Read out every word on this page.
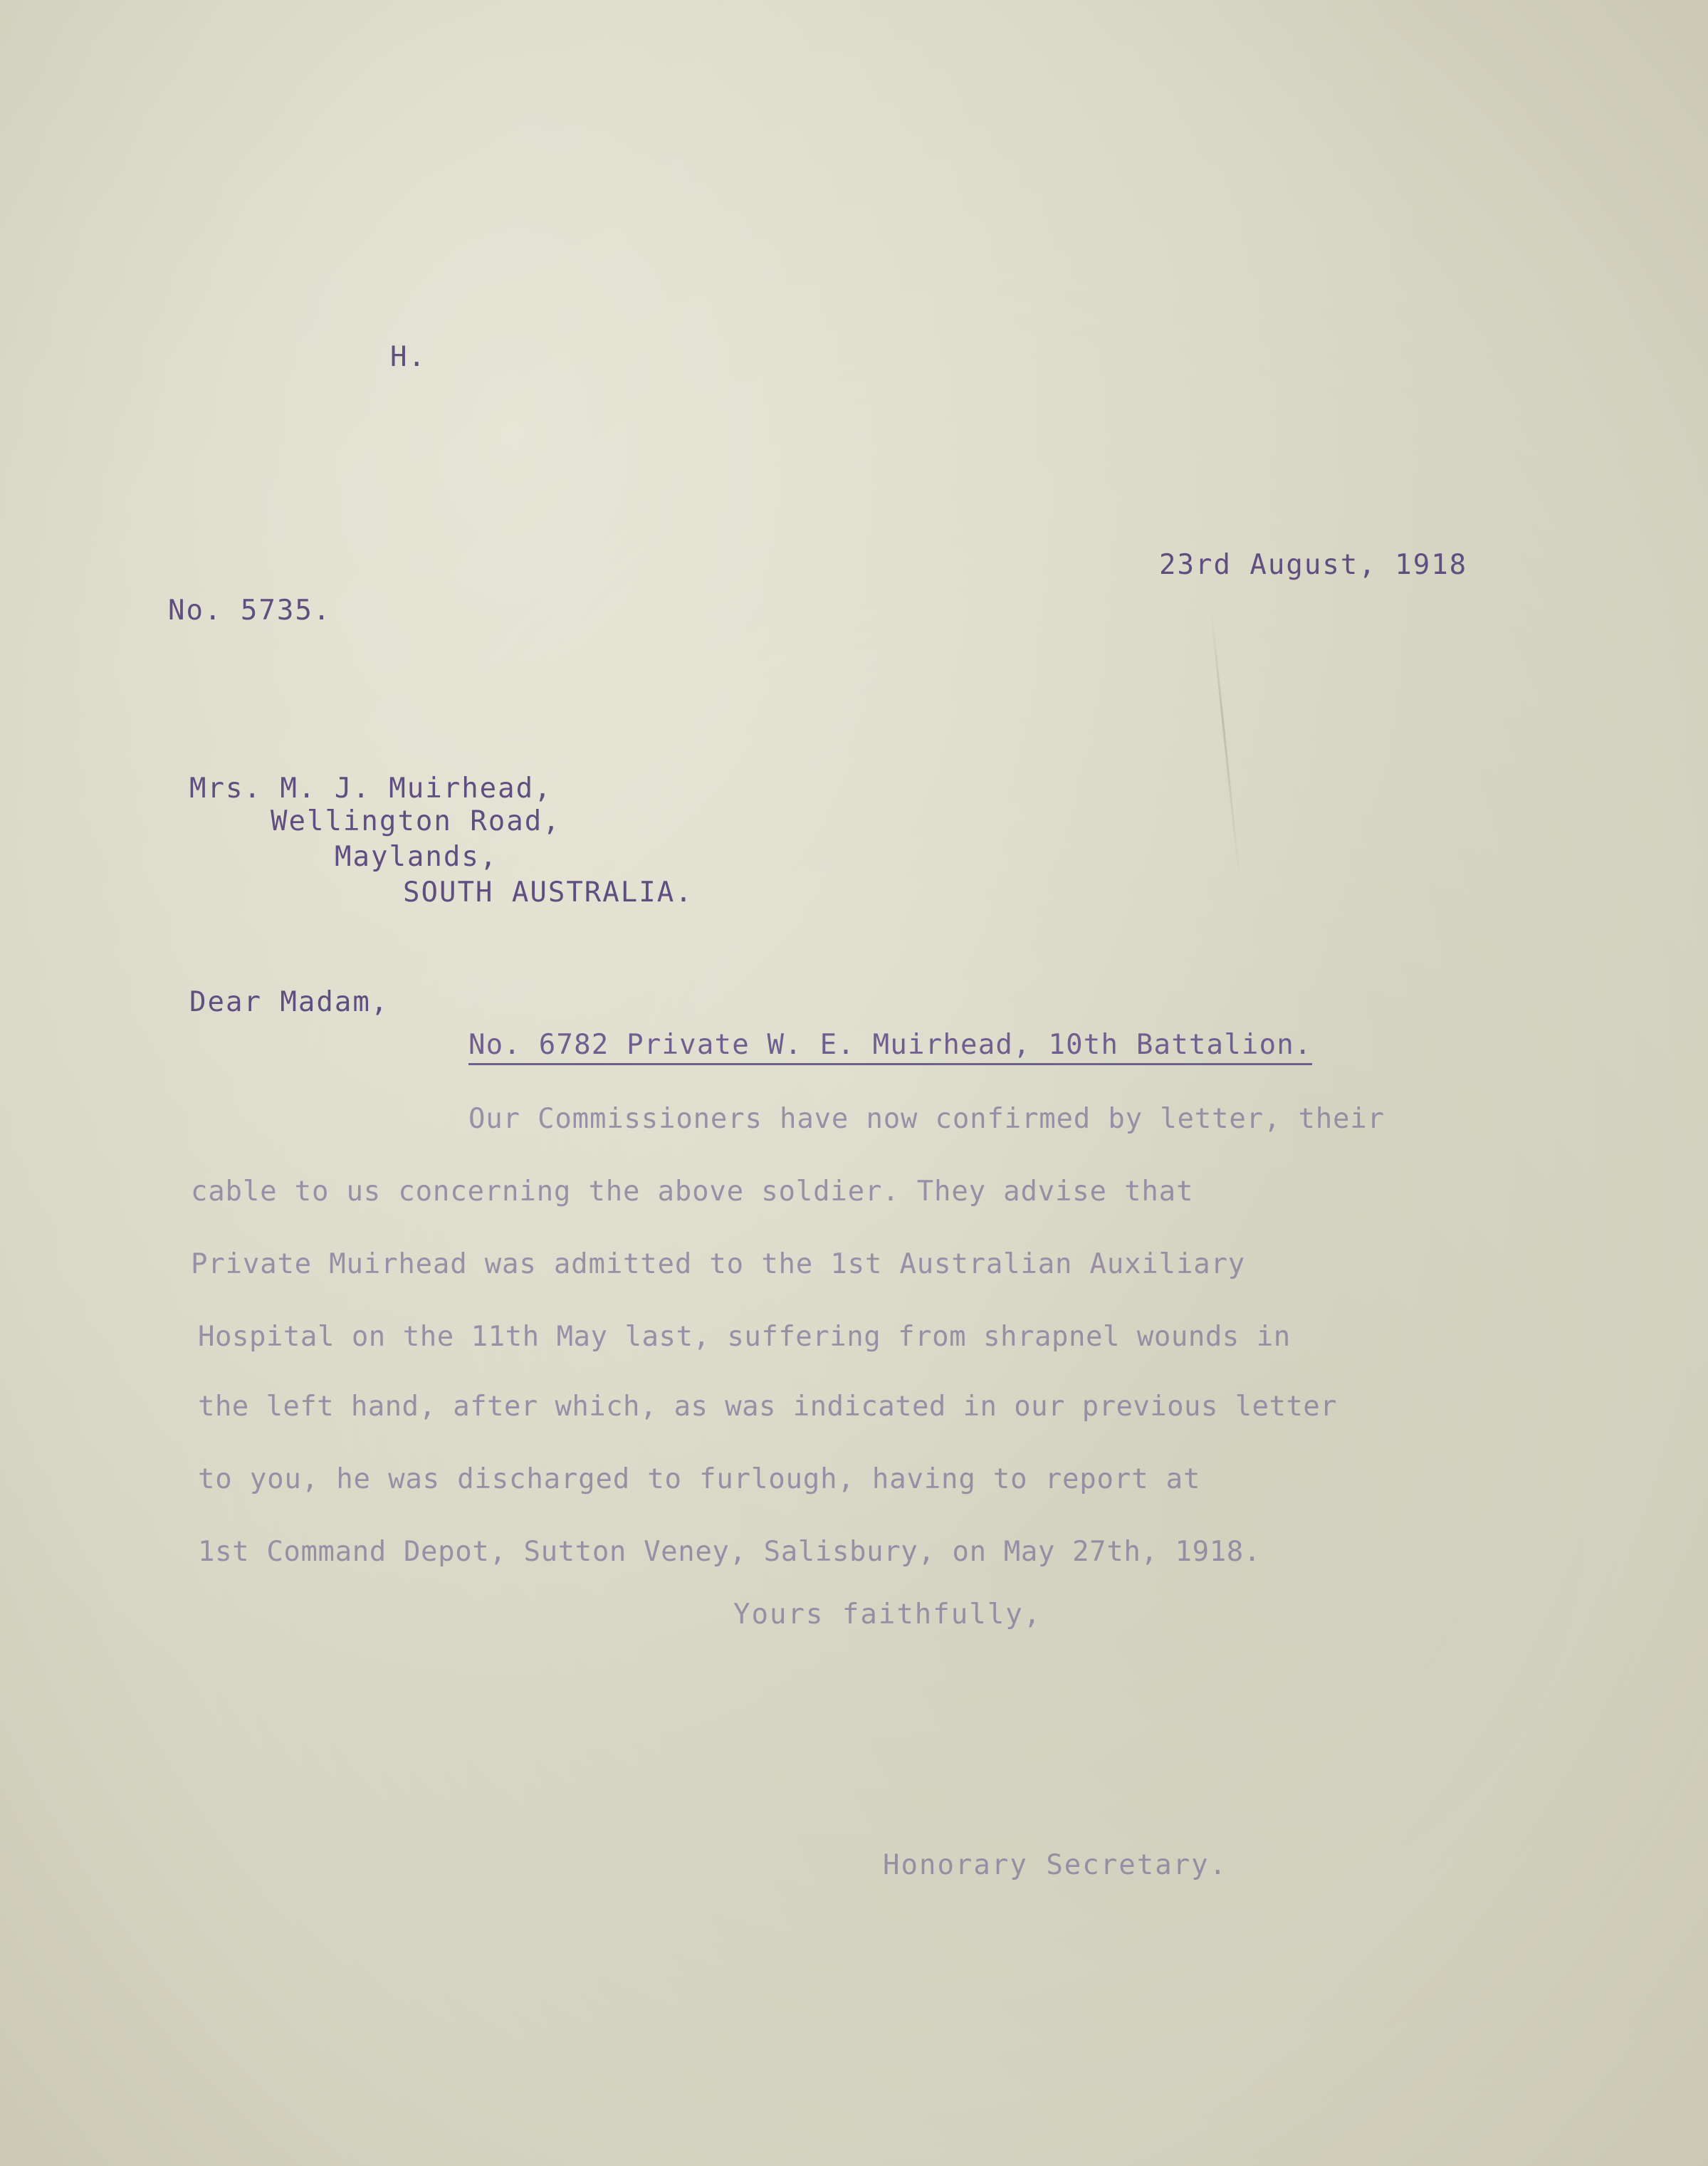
H.
23rd August, 1918
No. 5735.
Mrs. M. J. Muirhead,
Wellington Road,
Maylands,
SOUTH AUSTRALIA.
Dear Madam,
No. 6782 Private W. E. Muirhead, 10th Battalion.
Our Commissioners have now confirmed by letter, their
cable to us concerning the above soldier. They advise that
Private Muirhead was admitted to the 1st Australian Auxiliary
Hospital on the 11th May last, suffering from shrapnel wounds in
the left hand, after which, as was indicated in our previous letter
to you, he was discharged to furlough, having to report at
1st Command Depot, Sutton Veney, Salisbury, on May 27th, 1918.
Yours faithfully,
Honorary Secretary.
